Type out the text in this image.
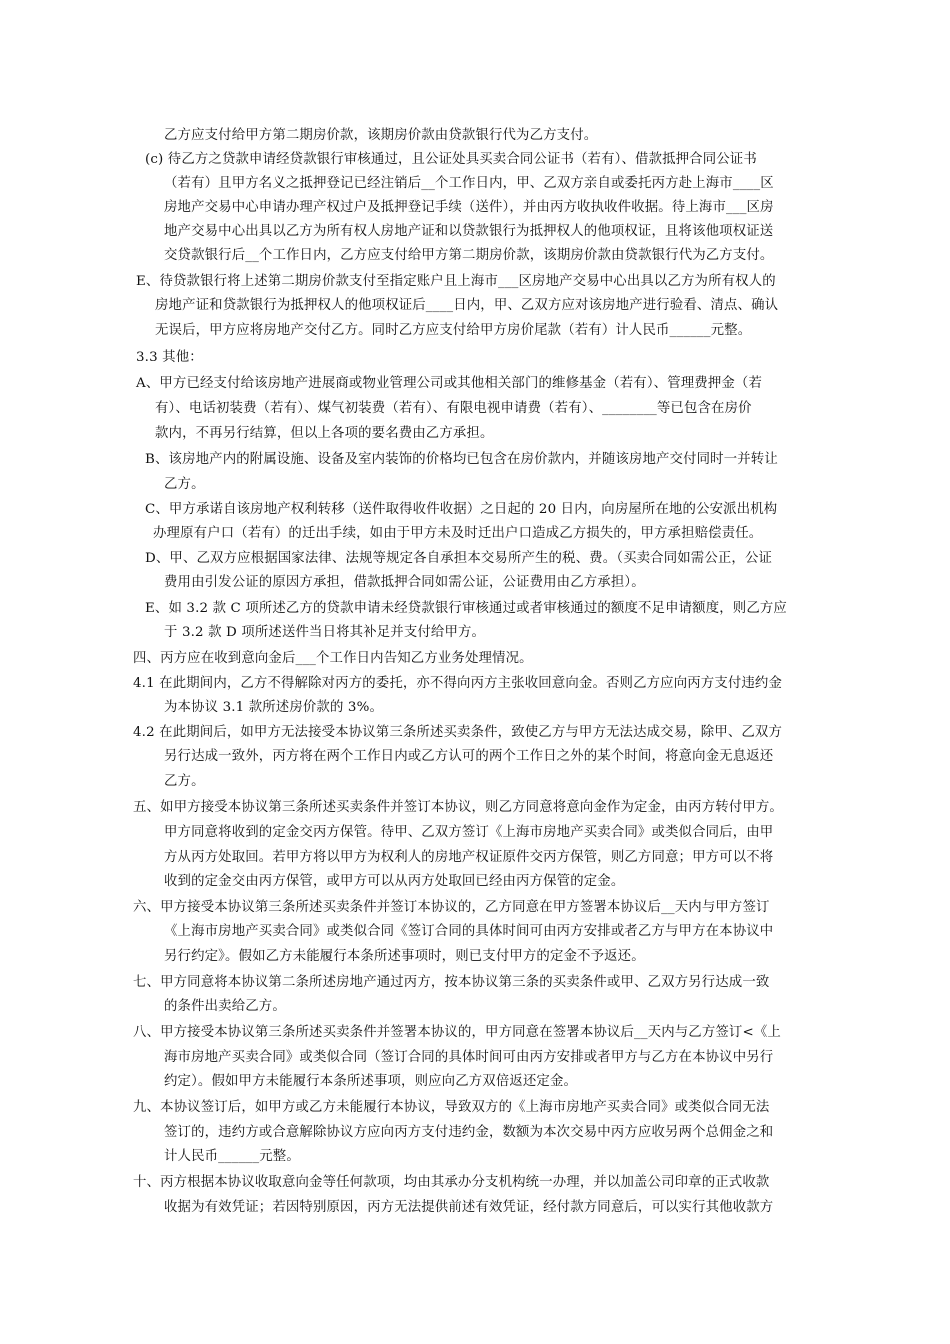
乙方应支付给甲方第二期房价款，该期房价款由贷款银行代为乙方支付。
(c) 待乙方之贷款申请经贷款银行审核通过，且公证处具买卖合同公证书（若有）、借款抵押合同公证书
（若有）且甲方名义之抵押登记已经注销后__个工作日内，甲、乙双方亲自或委托丙方赴上海市____区
房地产交易中心申请办理产权过户及抵押登记手续（送件），并由丙方收执收件收据。待上海市___区房
地产交易中心出具以乙方为所有权人房地产证和以贷款银行为抵押权人的他项权证，且将该他项权证送
交贷款银行后__个工作日内，乙方应支付给甲方第二期房价款，该期房价款由贷款银行代为乙方支付。
E、待贷款银行将上述第二期房价款支付至指定账户且上海市___区房地产交易中心出具以乙方为所有权人的
房地产证和贷款银行为抵押权人的他项权证后____日内，甲、乙双方应对该房地产进行验看、清点、确认
无误后，甲方应将房地产交付乙方。同时乙方应支付给甲方房价尾款（若有）计人民币______元整。
3.3 其他：
A、甲方已经支付给该房地产进展商或物业管理公司或其他相关部门的维修基金（若有）、管理费押金（若
有）、电话初装费（若有）、煤气初装费（若有）、有限电视申请费（若有）、________等已包含在房价
款内，不再另行结算，但以上各项的要名费由乙方承担。
B、该房地产内的附属设施、设备及室内装饰的价格均已包含在房价款内，并随该房地产交付同时一并转让
乙方。
C、甲方承诺自该房地产权利转移（送件取得收件收据）之日起的 20 日内，向房屋所在地的公安派出机构
办理原有户口（若有）的迁出手续，如由于甲方未及时迁出户口造成乙方损失的，甲方承担赔偿责任。
D、甲、乙双方应根据国家法律、法规等规定各自承担本交易所产生的税、费。（买卖合同如需公正，公证
费用由引发公证的原因方承担，借款抵押合同如需公证，公证费用由乙方承担）。
E、如 3.2 款 C 项所述乙方的贷款申请未经贷款银行审核通过或者审核通过的额度不足申请额度，则乙方应
于 3.2 款 D 项所述送件当日将其补足并支付给甲方。
四、丙方应在收到意向金后___个工作日内告知乙方业务处理情况。
4.1 在此期间内，乙方不得解除对丙方的委托，亦不得向丙方主张收回意向金。否则乙方应向丙方支付违约金
为本协议 3.1 款所述房价款的 3%。
4.2 在此期间后，如甲方无法接受本协议第三条所述买卖条件，致使乙方与甲方无法达成交易，除甲、乙双方
另行达成一致外，丙方将在两个工作日内或乙方认可的两个工作日之外的某个时间，将意向金无息返还
乙方。
五、如甲方接受本协议第三条所述买卖条件并签订本协议，则乙方同意将意向金作为定金，由丙方转付甲方。
甲方同意将收到的定金交丙方保管。待甲、乙双方签订《上海市房地产买卖合同》或类似合同后，由甲
方从丙方处取回。若甲方将以甲方为权利人的房地产权证原件交丙方保管，则乙方同意；甲方可以不将
收到的定金交由丙方保管，或甲方可以从丙方处取回已经由丙方保管的定金。
六、甲方接受本协议第三条所述买卖条件并签订本协议的，乙方同意在甲方签署本协议后__天内与甲方签订
《上海市房地产买卖合同》或类似合同《签订合同的具体时间可由丙方安排或者乙方与甲方在本协议中
另行约定》。假如乙方未能履行本条所述事项时，则已支付甲方的定金不予返还。
七、甲方同意将本协议第二条所述房地产通过丙方，按本协议第三条的买卖条件或甲、乙双方另行达成一致
的条件出卖给乙方。
八、甲方接受本协议第三条所述买卖条件并签署本协议的，甲方同意在签署本协议后__天内与乙方签订<《上
海市房地产买卖合同》或类似合同（签订合同的具体时间可由丙方安排或者甲方与乙方在本协议中另行
约定）。假如甲方未能履行本条所述事项，则应向乙方双倍返还定金。
九、本协议签订后，如甲方或乙方未能履行本协议，导致双方的《上海市房地产买卖合同》或类似合同无法
签订的，违约方或合意解除协议方应向丙方支付违约金，数额为本次交易中丙方应收另两个总佣金之和
计人民币______元整。
十、丙方根据本协议收取意向金等任何款项，均由其承办分支机构统一办理，并以加盖公司印章的正式收款
收据为有效凭证；若因特别原因，丙方无法提供前述有效凭证，经付款方同意后，可以实行其他收款方
